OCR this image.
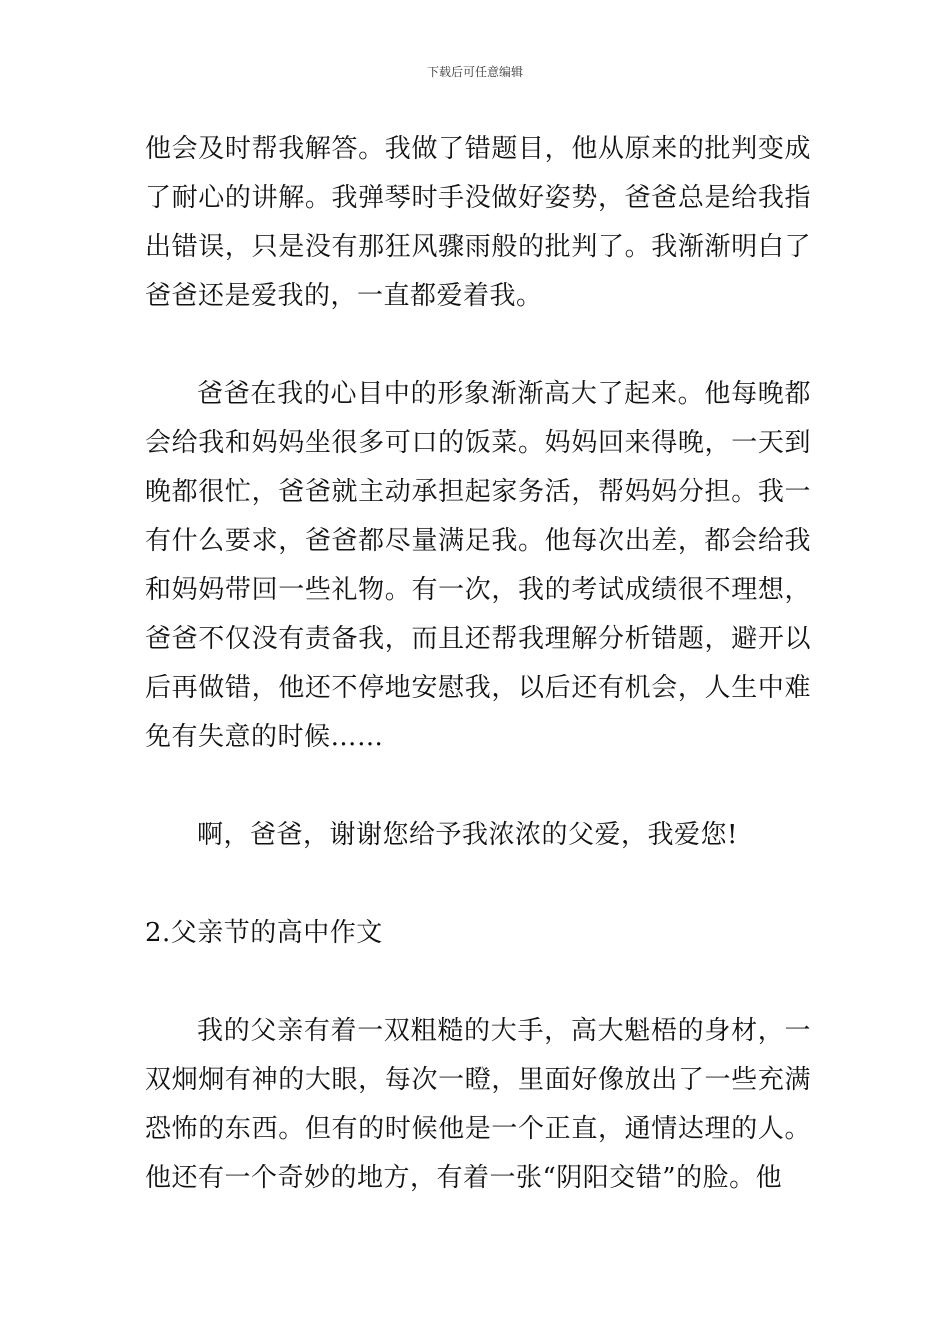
下载后可任意编辑

他会及时帮我解答。我做了错题目，他从原来的批判变成了耐心的讲解。我弹琴时手没做好姿势，爸爸总是给我指出错误，只是没有那狂风骤雨般的批判了。我渐渐明白了爸爸还是爱我的，一直都爱着我。

爸爸在我的心目中的形象渐渐高大了起来。他每晚都会给我和妈妈坐很多可口的饭菜。妈妈回来得晚，一天到晚都很忙，爸爸就主动承担起家务活，帮妈妈分担。我一有什么要求，爸爸都尽量满足我。他每次出差，都会给我和妈妈带回一些礼物。有一次，我的考试成绩很不理想，爸爸不仅没有责备我，而且还帮我理解分析错题，避开以后再做错，他还不停地安慰我，以后还有机会，人生中难免有失意的时候……

啊，爸爸，谢谢您给予我浓浓的父爱，我爱您!

2.父亲节的高中作文

我的父亲有着一双粗糙的大手，高大魁梧的身材，一双炯炯有神的大眼，每次一瞪，里面好像放出了一些充满恐怖的东西。但有的时候他是一个正直，通情达理的人。他还有一个奇妙的地方，有着一张“阴阳交错”的脸。他
